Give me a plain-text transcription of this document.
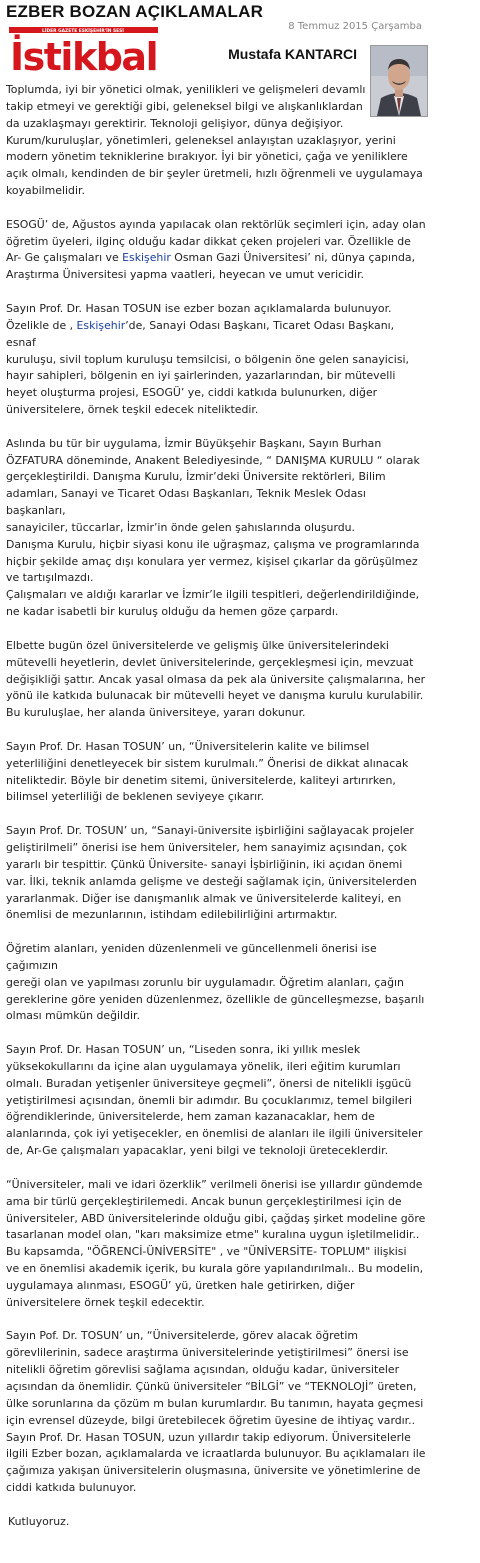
EZBER BOZAN AÇIKLAMALAR
8 Temmuz 2015 Çarşamba
LİDER GAZETE ESKİŞEHİR'İN SESİ
İstikbal	Mustafa KANTARCI

Toplumda, iyi bir yönetici olmak, yenilikleri ve gelişmeleri devamlı
takip etmeyi ve gerektiği gibi, geleneksel bilgi ve alışkanlıklardan
da uzaklaşmayı gerektirir. Teknoloji gelişiyor, dünya değişiyor.
Kurum/kuruluşlar, yönetimleri, geleneksel anlayıştan uzaklaşıyor, yerini
modern yönetim tekniklerine bırakıyor. İyi bir yönetici, çağa ve yeniliklere
açık olmalı, kendinden de bir şeyler üretmeli, hızlı öğrenmeli ve uygulamaya
koyabilmelidir.

ESOGÜ’ de, Ağustos ayında yapılacak olan rektörlük seçimleri için, aday olan
öğretim üyeleri, ilginç olduğu kadar dikkat çeken projeleri var. Özellikle de
Ar- Ge çalışmaları ve Eskişehir Osman Gazi Üniversitesi’ ni, dünya çapında,
Araştırma Üniversitesi yapma vaatleri, heyecan ve umut vericidir.

Sayın Prof. Dr. Hasan TOSUN ise ezber bozan açıklamalarda bulunuyor.
Özelikle de , Eskişehir’de, Sanayi Odası Başkanı, Ticaret Odası Başkanı, esnaf
kuruluşu, sivil toplum kuruluşu temsilcisi, o bölgenin öne gelen sanayicisi,
hayır sahipleri, bölgenin en iyi şairlerinden, yazarlarından, bir mütevelli
heyet oluşturma projesi, ESOGÜ’ ye, ciddi katkıda bulunurken, diğer
üniversitelere, örnek teşkil edecek niteliktedir.

Aslında bu tür bir uygulama, İzmir Büyükşehir Başkanı, Sayın Burhan
ÖZFATURA döneminde, Anakent Belediyesinde, “ DANIŞMA KURULU “ olarak
gerçekleştirildi. Danışma Kurulu, İzmir’deki Üniversite rektörleri, Bilim
adamları, Sanayi ve Ticaret Odası Başkanları, Teknik Meslek Odası başkanları,
sanayiciler, tüccarlar, İzmir’in önde gelen şahıslarında oluşurdu.
Danışma Kurulu, hiçbir siyasi konu ile uğraşmaz, çalışma ve programlarında
hiçbir şekilde amaç dışı konulara yer vermez, kişisel çıkarlar da görüşülmez
ve tartışılmazdı.
Çalışmaları ve aldığı kararlar ve İzmir’le ilgili tespitleri, değerlendirildiğinde,
ne kadar isabetli bir kuruluş olduğu da hemen göze çarpardı.

Elbette bugün özel üniversitelerde ve gelişmiş ülke üniversitelerindeki
mütevelli heyetlerin, devlet üniversitelerinde, gerçekleşmesi için, mevzuat
değişikliği şattır. Ancak yasal olmasa da pek ala üniversite çalışmalarına, her
yönü ile katkıda bulunacak bir mütevelli heyet ve danışma kurulu kurulabilir.
Bu kuruluşlae, her alanda üniversiteye, yararı dokunur.

Sayın Prof. Dr. Hasan TOSUN’ un, “Üniversitelerin kalite ve bilimsel
yeterliliğini denetleyecek bir sistem kurulmalı.” Önerisi de dikkat alınacak
niteliktedir. Böyle bir denetim sitemi, üniversitelerde, kaliteyi artırırken,
bilimsel yeterliliği de beklenen seviyeye çıkarır.

Sayın Prof. Dr. TOSUN’ un, “Sanayi-üniversite işbirliğini sağlayacak projeler
geliştirilmeli” önerisi ise hem üniversiteler, hem sanayimiz açısından, çok
yararlı bir tespittir. Çünkü Üniversite- sanayi İşbirliğinin, iki açıdan önemi
var. İlki, teknik anlamda gelişme ve desteği sağlamak için, üniversitelerden
yararlanmak. Diğer ise danışmanlık almak ve üniversitelerde kaliteyi, en
önemlisi de mezunlarının, istihdam edilebilirliğini artırmaktır.

Öğretim alanları, yeniden düzenlenmeli ve güncellenmeli önerisi ise çağımızın
gereği olan ve yapılması zorunlu bir uygulamadır. Öğretim alanları, çağın
gereklerine göre yeniden düzenlenmez, özellikle de güncelleşmezse, başarılı
olması mümkün değildir.

Sayın Prof. Dr. Hasan TOSUN’ un, “Liseden sonra, iki yıllık meslek
yüksekokullarını da içine alan uygulamaya yönelik, ileri eğitim kurumları
olmalı. Buradan yetişenler üniversiteye geçmeli”, önersi de nitelikli işgücü
yetiştirilmesi açısından, önemli bir adımdır. Bu çocuklarımız, temel bilgileri
öğrendiklerinde, üniversitelerde, hem zaman kazanacaklar, hem de
alanlarında, çok iyi yetişecekler, en önemlisi de alanları ile ilgili üniversiteler
de, Ar-Ge çalışmaları yapacaklar, yeni bilgi ve teknoloji üreteceklerdir.

“Üniversiteler, mali ve idari özerklik” verilmeli önerisi ise yıllardır gündemde
ama bir türlü gerçekleştirilemedi. Ancak bunun gerçekleştirilmesi için de
üniversiteler, ABD üniversitelerinde olduğu gibi, çağdaş şirket modeline göre
tasarlanan model olan, "karı maksimize etme" kuralına uygun işletilmelidir..
Bu kapsamda, "ÖĞRENCİ-ÜNİVERSİTE" , ve "ÜNİVERSİTE- TOPLUM" ilişkisi
ve en önemlisi akademik içerik, bu kurala göre yapılandırılmalı.. Bu modelin,
uygulamaya alınması, ESOGÜ’ yü, üretken hale getirirken, diğer
üniversitelere örnek teşkil edecektir.

Sayın Pof. Dr. TOSUN’ un, “Üniversitelerde, görev alacak öğretim
görevlilerinin, sadece araştırma üniversitelerinde yetiştirilmesi” önersi ise
nitelikli öğretim görevlisi sağlama açısından, olduğu kadar, üniversiteler
açısından da önemlidir. Çünkü üniversiteler “BİLGİ” ve “TEKNOLOJİ” üreten,
ülke sorunlarına da çözüm m bulan kurumlardır. Bu tanımın, hayata geçmesi
için evrensel düzeyde, bilgi üretebilecek öğretim üyesine de ihtiyaç vardır..
Sayın Prof. Dr. Hasan TOSUN, uzun yıllardır takip ediyorum. Üniversitelerle
ilgili Ezber bozan, açıklamalarda ve icraatlarda bulunuyor. Bu açıklamaları ile
çağımıza yakışan üniversitelerin oluşmasına, üniversite ve yönetimlerine de
ciddi katkıda bulunuyor.

Kutluyoruz.
